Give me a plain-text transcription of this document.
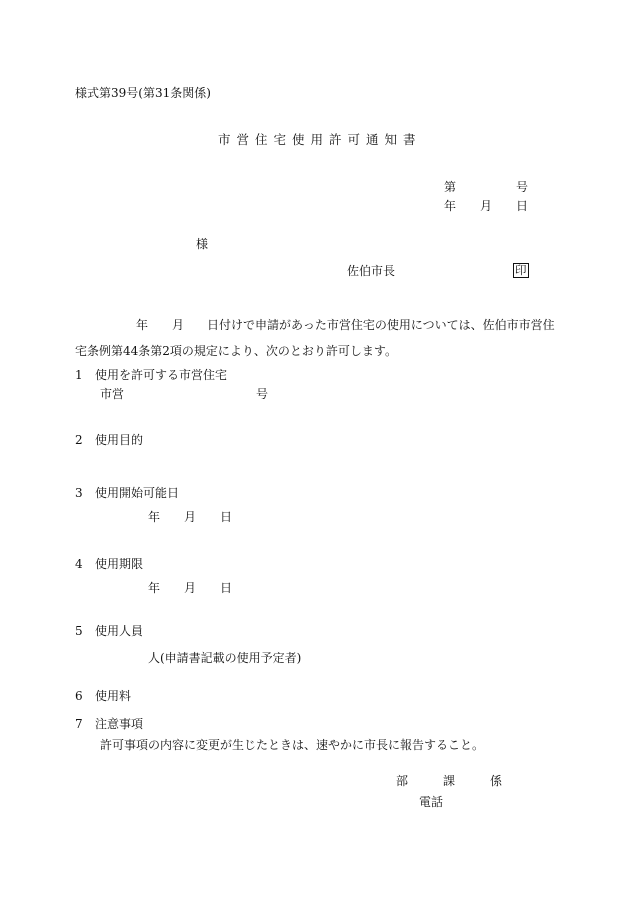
様式第39号(第31条関係)
市営住宅使用許可通知書
第	号
年 月 日
様
佐伯市長	印
年 月 日付けで申請があった市営住宅の使用については、佐伯市市営住
宅条例第44条第2項の規定により、次のとおり許可します。
1 使用を許可する市営住宅
市営	号
2 使用目的
3 使用開始可能日
年 月 日
4 使用期限
年 月 日
5 使用人員
人(申請書記載の使用予定者)
6 使用料
7 注意事項
許可事項の内容に変更が生じたときは、速やかに市長に報告すること。
部	課	係
電話
